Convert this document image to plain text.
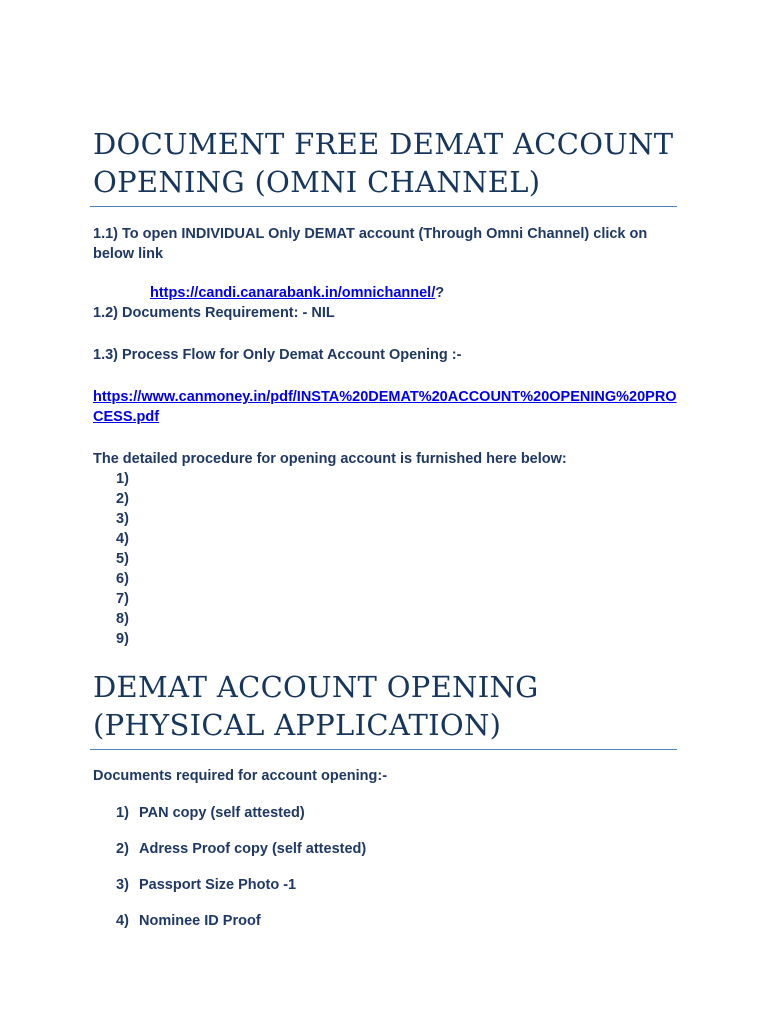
DOCUMENT FREE DEMAT ACCOUNT OPENING (OMNI CHANNEL)
1.1) To open INDIVIDUAL Only DEMAT account (Through Omni Channel) click on below link
https://candi.canarabank.in/omnichannel/?
1.2) Documents Requirement: - NIL
1.3) Process Flow for Only Demat Account Opening :-
https://www.canmoney.in/pdf/INSTA%20DEMAT%20ACCOUNT%20OPENING%20PROCESS.pdf
The detailed procedure for opening account is furnished here below:
1)
2)
3)
4)
5)
6)
7)
8)
9)
DEMAT ACCOUNT OPENING (PHYSICAL APPLICATION)
Documents required for account opening:-
1) PAN copy (self attested)
2) Adress Proof copy (self attested)
3) Passport Size Photo -1
4) Nominee ID Proof
